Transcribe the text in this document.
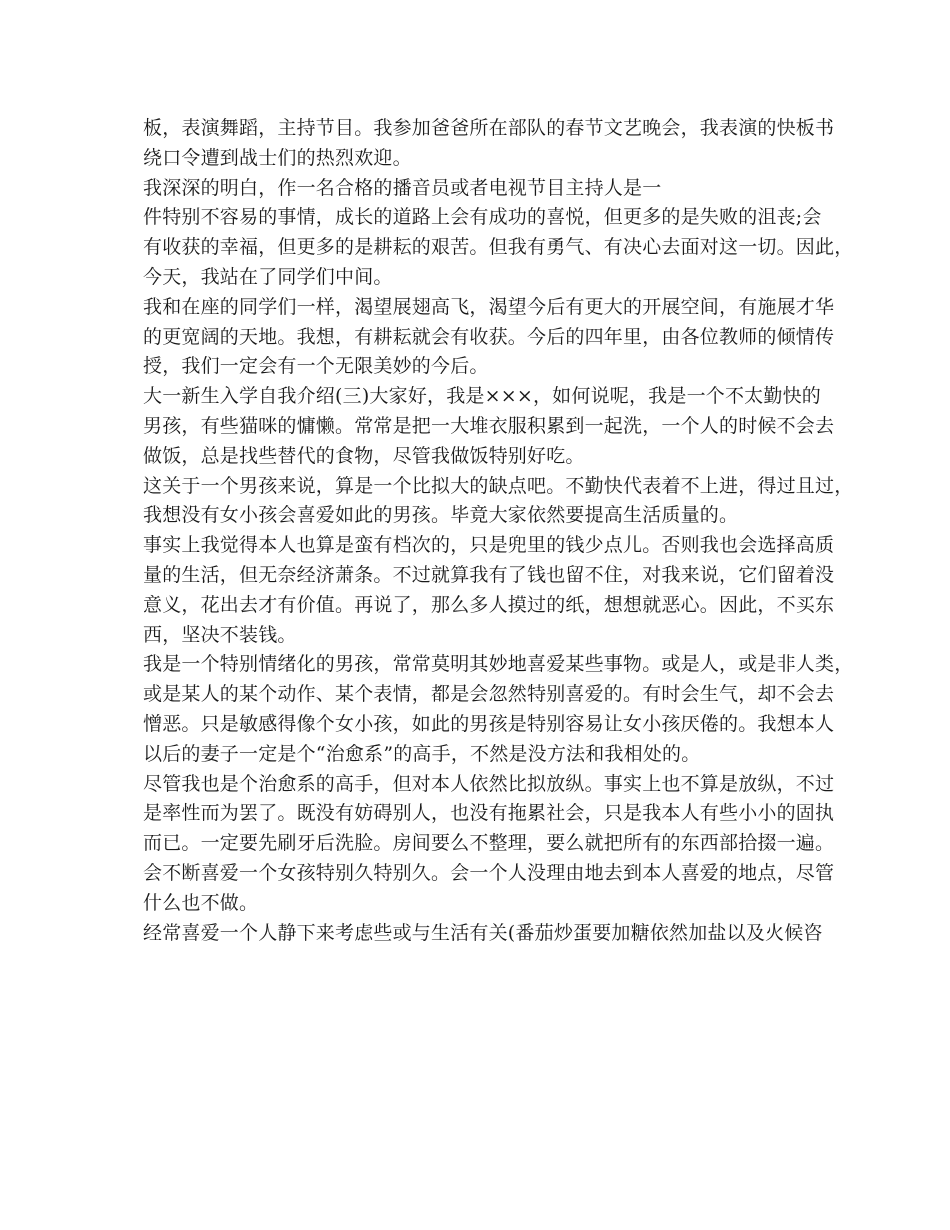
板，表演舞蹈，主持节目。我参加爸爸所在部队的春节文艺晚会，我表演的快板书
绕口令遭到战士们的热烈欢迎。
我深深的明白，作一名合格的播音员或者电视节目主持人是一
件特别不容易的事情，成长的道路上会有成功的喜悦，但更多的是失败的沮丧;会
有收获的幸福，但更多的是耕耘的艰苦。但我有勇气、有决心去面对这一切。因此，
今天，我站在了同学们中间。
我和在座的同学们一样，渴望展翅高飞，渴望今后有更大的开展空间，有施展才华
的更宽阔的天地。我想，有耕耘就会有收获。今后的四年里，由各位教师的倾情传
授，我们一定会有一个无限美妙的今后。
大一新生入学自我介绍(三)大家好，我是×××，如何说呢，我是一个不太勤快的
男孩，有些猫咪的慵懒。常常是把一大堆衣服积累到一起洗，一个人的时候不会去
做饭，总是找些替代的食物，尽管我做饭特别好吃。
这关于一个男孩来说，算是一个比拟大的缺点吧。不勤快代表着不上进，得过且过，
我想没有女小孩会喜爱如此的男孩。毕竟大家依然要提高生活质量的。
事实上我觉得本人也算是蛮有档次的，只是兜里的钱少点儿。否则我也会选择高质
量的生活，但无奈经济萧条。不过就算我有了钱也留不住，对我来说，它们留着没
意义，花出去才有价值。再说了，那么多人摸过的纸，想想就恶心。因此，不买东
西，坚决不装钱。
我是一个特别情绪化的男孩，常常莫明其妙地喜爱某些事物。或是人，或是非人类，
或是某人的某个动作、某个表情，都是会忽然特别喜爱的。有时会生气，却不会去
憎恶。只是敏感得像个女小孩，如此的男孩是特别容易让女小孩厌倦的。我想本人
以后的妻子一定是个“治愈系”的高手，不然是没方法和我相处的。
尽管我也是个治愈系的高手，但对本人依然比拟放纵。事实上也不算是放纵，不过
是率性而为罢了。既没有妨碍别人，也没有拖累社会，只是我本人有些小小的固执
而已。一定要先刷牙后洗脸。房间要么不整理，要么就把所有的东西部拾掇一遍。
会不断喜爱一个女孩特别久特别久。会一个人没理由地去到本人喜爱的地点，尽管
什么也不做。
经常喜爱一个人静下来考虑些或与生活有关(番茄炒蛋要加糖依然加盐以及火候咨
